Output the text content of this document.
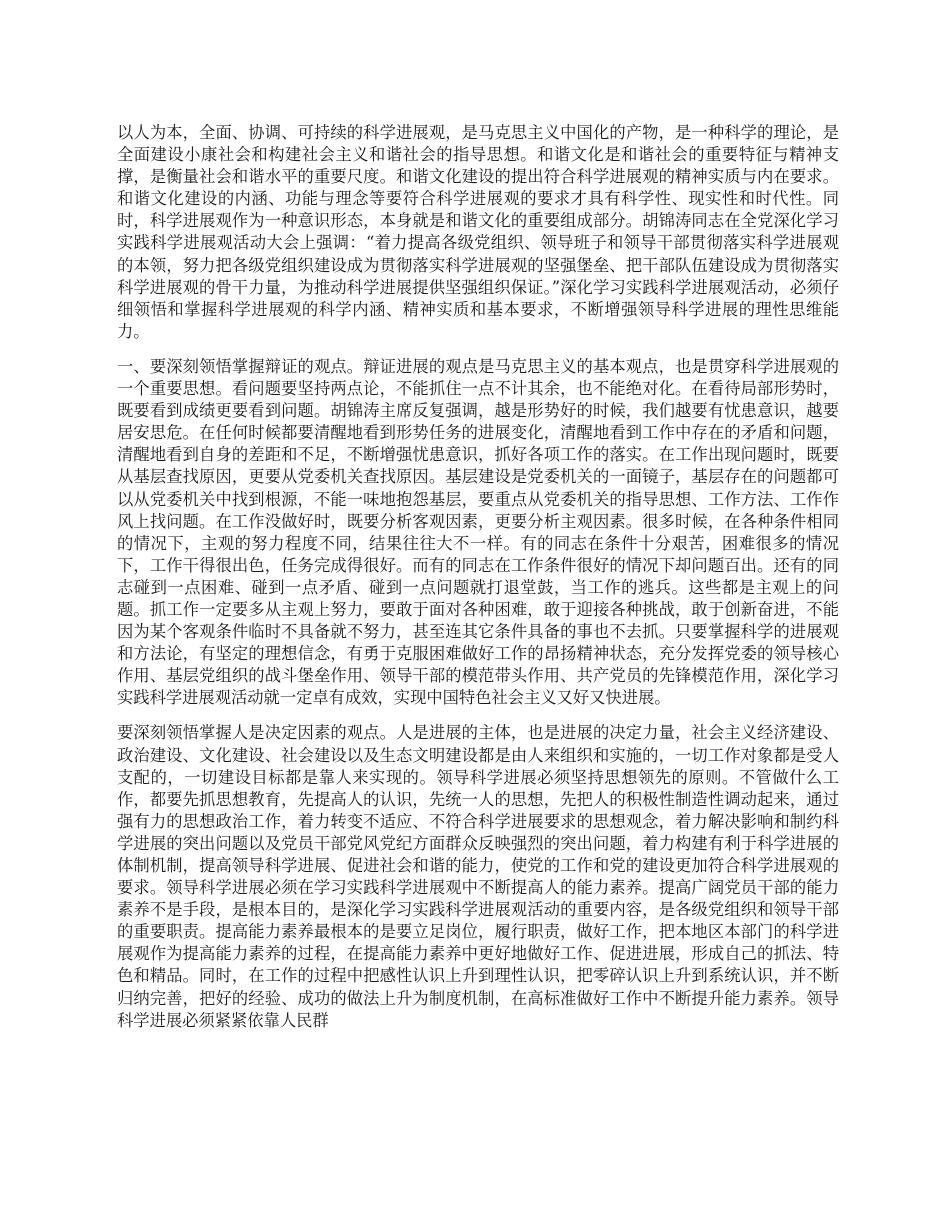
以人为本，全面、协调、可持续的科学进展观，是马克思主义中国化的产物，是一种科学的理论，是全面建设小康社会和构建社会主义和谐社会的指导思想。和谐文化是和谐社会的重要特征与精神支撑，是衡量社会和谐水平的重要尺度。和谐文化建设的提出符合科学进展观的精神实质与内在要求。和谐文化建设的内涵、功能与理念等要符合科学进展观的要求才具有科学性、现实性和时代性。同时，科学进展观作为一种意识形态，本身就是和谐文化的重要组成部分。胡锦涛同志在全党深化学习实践科学进展观活动大会上强调：“着力提高各级党组织、领导班子和领导干部贯彻落实科学进展观的本领，努力把各级党组织建设成为贯彻落实科学进展观的坚强堡垒、把干部队伍建设成为贯彻落实科学进展观的骨干力量，为推动科学进展提供坚强组织保证。”深化学习实践科学进展观活动，必须仔细领悟和掌握科学进展观的科学内涵、精神实质和基本要求，不断增强领导科学进展的理性思维能力。

一、要深刻领悟掌握辩证的观点。辩证进展的观点是马克思主义的基本观点，也是贯穿科学进展观的一个重要思想。看问题要坚持两点论，不能抓住一点不计其余，也不能绝对化。在看待局部形势时，既要看到成绩更要看到问题。胡锦涛主席反复强调，越是形势好的时候，我们越要有忧患意识，越要居安思危。在任何时候都要清醒地看到形势任务的进展变化，清醒地看到工作中存在的矛盾和问题，清醒地看到自身的差距和不足，不断增强忧患意识，抓好各项工作的落实。在工作出现问题时，既要从基层查找原因，更要从党委机关查找原因。基层建设是党委机关的一面镜子，基层存在的问题都可以从党委机关中找到根源，不能一味地抱怨基层，要重点从党委机关的指导思想、工作方法、工作作风上找问题。在工作没做好时，既要分析客观因素，更要分析主观因素。很多时候，在各种条件相同的情况下，主观的努力程度不同，结果往往大不一样。有的同志在条件十分艰苦，困难很多的情况下，工作干得很出色，任务完成得很好。而有的同志在工作条件很好的情况下却问题百出。还有的同志碰到一点困难、碰到一点矛盾、碰到一点问题就打退堂鼓，当工作的逃兵。这些都是主观上的问题。抓工作一定要多从主观上努力，要敢于面对各种困难，敢于迎接各种挑战，敢于创新奋进，不能因为某个客观条件临时不具备就不努力，甚至连其它条件具备的事也不去抓。只要掌握科学的进展观和方法论，有坚定的理想信念，有勇于克服困难做好工作的昂扬精神状态，充分发挥党委的领导核心作用、基层党组织的战斗堡垒作用、领导干部的模范带头作用、共产党员的先锋模范作用，深化学习实践科学进展观活动就一定卓有成效，实现中国特色社会主义又好又快进展。

要深刻领悟掌握人是决定因素的观点。人是进展的主体，也是进展的决定力量，社会主义经济建设、政治建设、文化建设、社会建设以及生态文明建设都是由人来组织和实施的，一切工作对象都是受人支配的，一切建设目标都是靠人来实现的。领导科学进展必须坚持思想领先的原则。不管做什么工作，都要先抓思想教育，先提高人的认识，先统一人的思想，先把人的积极性制造性调动起来，通过强有力的思想政治工作，着力转变不适应、不符合科学进展要求的思想观念，着力解决影响和制约科学进展的突出问题以及党员干部党风党纪方面群众反映强烈的突出问题，着力构建有利于科学进展的体制机制，提高领导科学进展、促进社会和谐的能力，使党的工作和党的建设更加符合科学进展观的要求。领导科学进展必须在学习实践科学进展观中不断提高人的能力素养。提高广阔党员干部的能力素养不是手段，是根本目的，是深化学习实践科学进展观活动的重要内容，是各级党组织和领导干部的重要职责。提高能力素养最根本的是要立足岗位，履行职责，做好工作，把本地区本部门的科学进展观作为提高能力素养的过程，在提高能力素养中更好地做好工作、促进进展，形成自己的抓法、特色和精品。同时，在工作的过程中把感性认识上升到理性认识，把零碎认识上升到系统认识，并不断归纳完善，把好的经验、成功的做法上升为制度机制，在高标准做好工作中不断提升能力素养。领导科学进展必须紧紧依靠人民群
